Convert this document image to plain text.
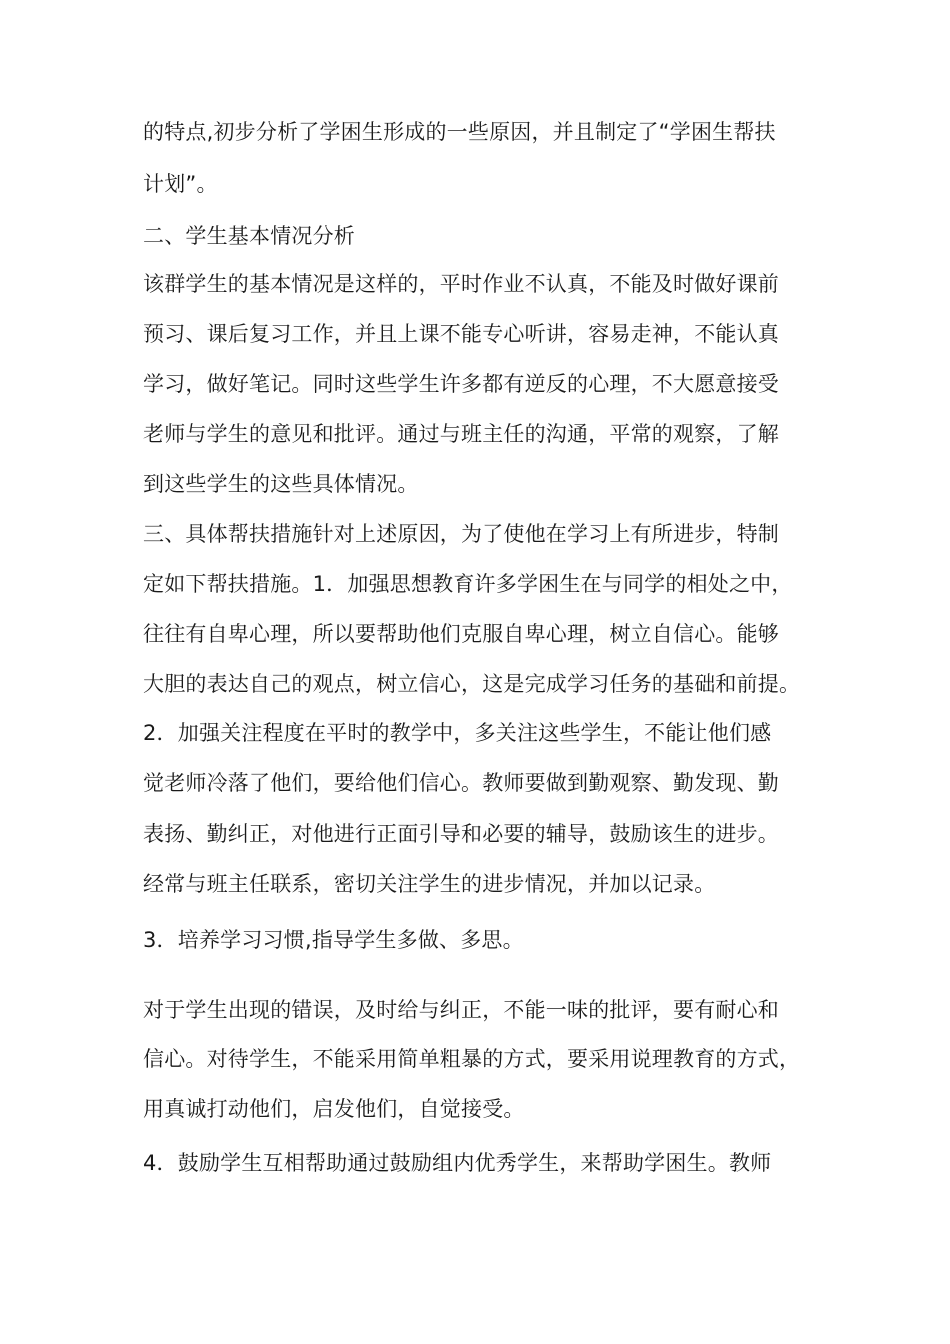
的特点,初步分析了学困生形成的一些原因，并且制定了“学困生帮扶
计划”。
二、学生基本情况分析
该群学生的基本情况是这样的，平时作业不认真，不能及时做好课前
预习、课后复习工作，并且上课不能专心听讲，容易走神，不能认真
学习，做好笔记。同时这些学生许多都有逆反的心理，不大愿意接受
老师与学生的意见和批评。通过与班主任的沟通，平常的观察，了解
到这些学生的这些具体情况。
三、具体帮扶措施针对上述原因，为了使他在学习上有所进步，特制
定如下帮扶措施。1．加强思想教育许多学困生在与同学的相处之中，
往往有自卑心理，所以要帮助他们克服自卑心理，树立自信心。能够
大胆的表达自己的观点，树立信心，这是完成学习任务的基础和前提。
2．加强关注程度在平时的教学中，多关注这些学生，不能让他们感
觉老师冷落了他们，要给他们信心。教师要做到勤观察、勤发现、勤
表扬、勤纠正，对他进行正面引导和必要的辅导，鼓励该生的进步。
经常与班主任联系，密切关注学生的进步情况，并加以记录。
3．培养学习习惯,指导学生多做、多思。
对于学生出现的错误，及时给与纠正，不能一味的批评，要有耐心和
信心。对待学生，不能采用简单粗暴的方式，要采用说理教育的方式，
用真诚打动他们，启发他们，自觉接受。
4．鼓励学生互相帮助通过鼓励组内优秀学生，来帮助学困生。教师
